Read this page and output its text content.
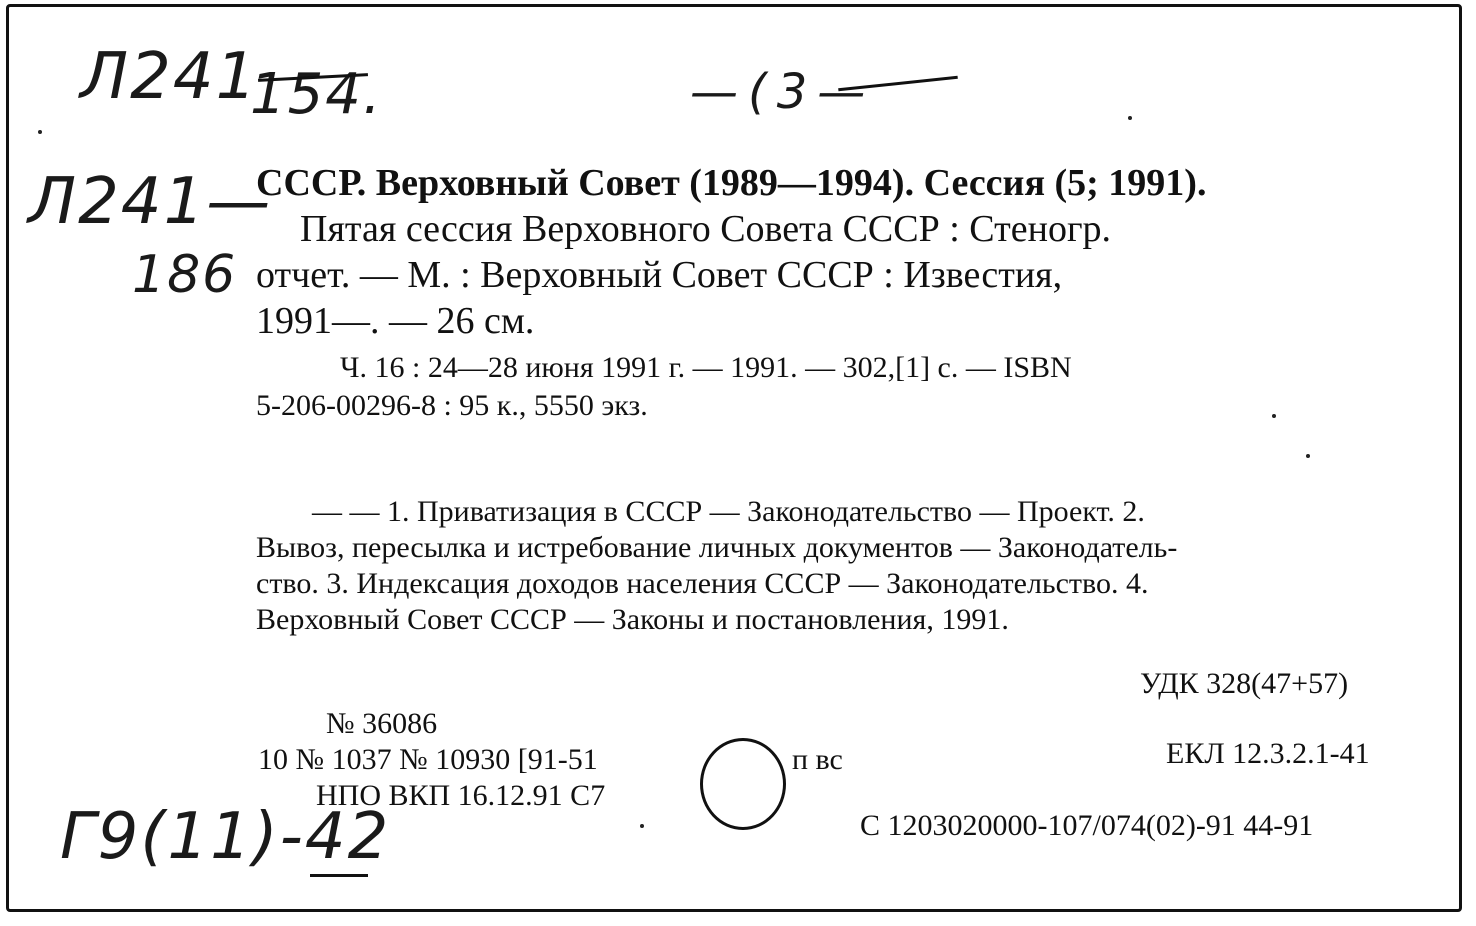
Л241
154.	—(3—
Л241—
186
Г9(11)-42
СССР. Верховный Совет (1989—1994). Сессия (5; 1991).
Пятая сессия Верховного Совета СССР : Стеногр.
отчет. — М. : Верховный Совет СССР : Известия,
1991—. — 26 см.
Ч. 16 : 24—28 июня 1991 г. — 1991. — 302,[1] с. — ISBN
5-206-00296-8 : 95 к., 5550 экз.
— — 1. Приватизация в СССР — Законодательство — Проект. 2.
Вывоз, пересылка и истребование личных документов — Законодатель-
ство. 3. Индексация доходов населения СССР — Законодательство. 4.
Верховный Совет СССР — Законы и постановления, 1991.
УДК 328(47+57)
ЕКЛ 12.3.2.1-41
С 1203020000-107/074(02)-91 44-91
№ 36086
10 № 1037 № 10930 [91-51	п вс
НПО ВКП 16.12.91 С7
